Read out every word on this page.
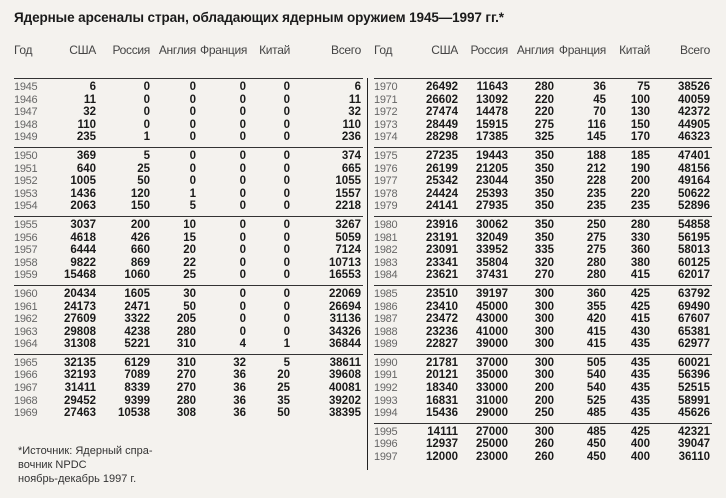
Ядерные арсеналы стран, обладающих ядерным оружием 1945—1997 гг.*
Год	США	Россия	Англия	Франция	Китай	Всего

1945	6	0	0	0	0	6
1946	11	0	0	0	0	11
1947	32	0	0	0	0	32
1948	110	0	0	0	0	110
1949	235	1	0	0	0	236
1950	369	5	0	0	0	374
1951	640	25	0	0	0	665
1952	1005	50	0	0	0	1055
1953	1436	120	1	0	0	1557
1954	2063	150	5	0	0	2218
1955	3037	200	10	0	0	3267
1956	4618	426	15	0	0	5059
1957	6444	660	20	0	0	7124
1958	9822	869	22	0	0	10713
1959	15468	1060	25	0	0	16553
1960	20434	1605	30	0	0	22069
1961	24173	2471	50	0	0	26694
1962	27609	3322	205	0	0	31136
1963	29808	4238	280	0	0	34326
1964	31308	5221	310	4	1	36844
1965	32135	6129	310	32	5	38611
1966	32193	7089	270	36	20	39608
1967	31411	8339	270	36	25	40081
1968	29452	9399	280	36	35	39202
1969	27463	10538	308	36	50	38395
Год	США	Россия	Англия	Франция	Китай	Всего

1970	26492	11643	280	36	75	38526
1971	26602	13092	220	45	100	40059
1972	27474	14478	220	70	130	42372
1973	28449	15915	275	116	150	44905
1974	28298	17385	325	145	170	46323
1975	27235	19443	350	188	185	47401
1976	26199	21205	350	212	190	48156
1977	25342	23044	350	228	200	49164
1978	24424	25393	350	235	220	50622
1979	24141	27935	350	235	235	52896
1980	23916	30062	350	250	280	54858
1981	23191	32049	350	275	330	56195
1982	23091	33952	335	275	360	58013
1983	23341	35804	320	280	380	60125
1984	23621	37431	270	280	415	62017
1985	23510	39197	300	360	425	63792
1986	23410	45000	300	355	425	69490
1987	23472	43000	300	420	415	67607
1988	23236	41000	300	415	430	65381
1989	22827	39000	300	415	435	62977
1990	21781	37000	300	505	435	60021
1991	20121	35000	300	540	435	56396
1992	18340	33000	200	540	435	52515
1993	16831	31000	200	525	435	58991
1994	15436	29000	250	485	435	45626
1995	14111	27000	300	485	425	42321
1996	12937	25000	260	450	400	39047
1997	12000	23000	260	450	400	36110
*Источник: Ядерный спра-
вочник NPDC
ноябрь-декабрь 1997 г.
